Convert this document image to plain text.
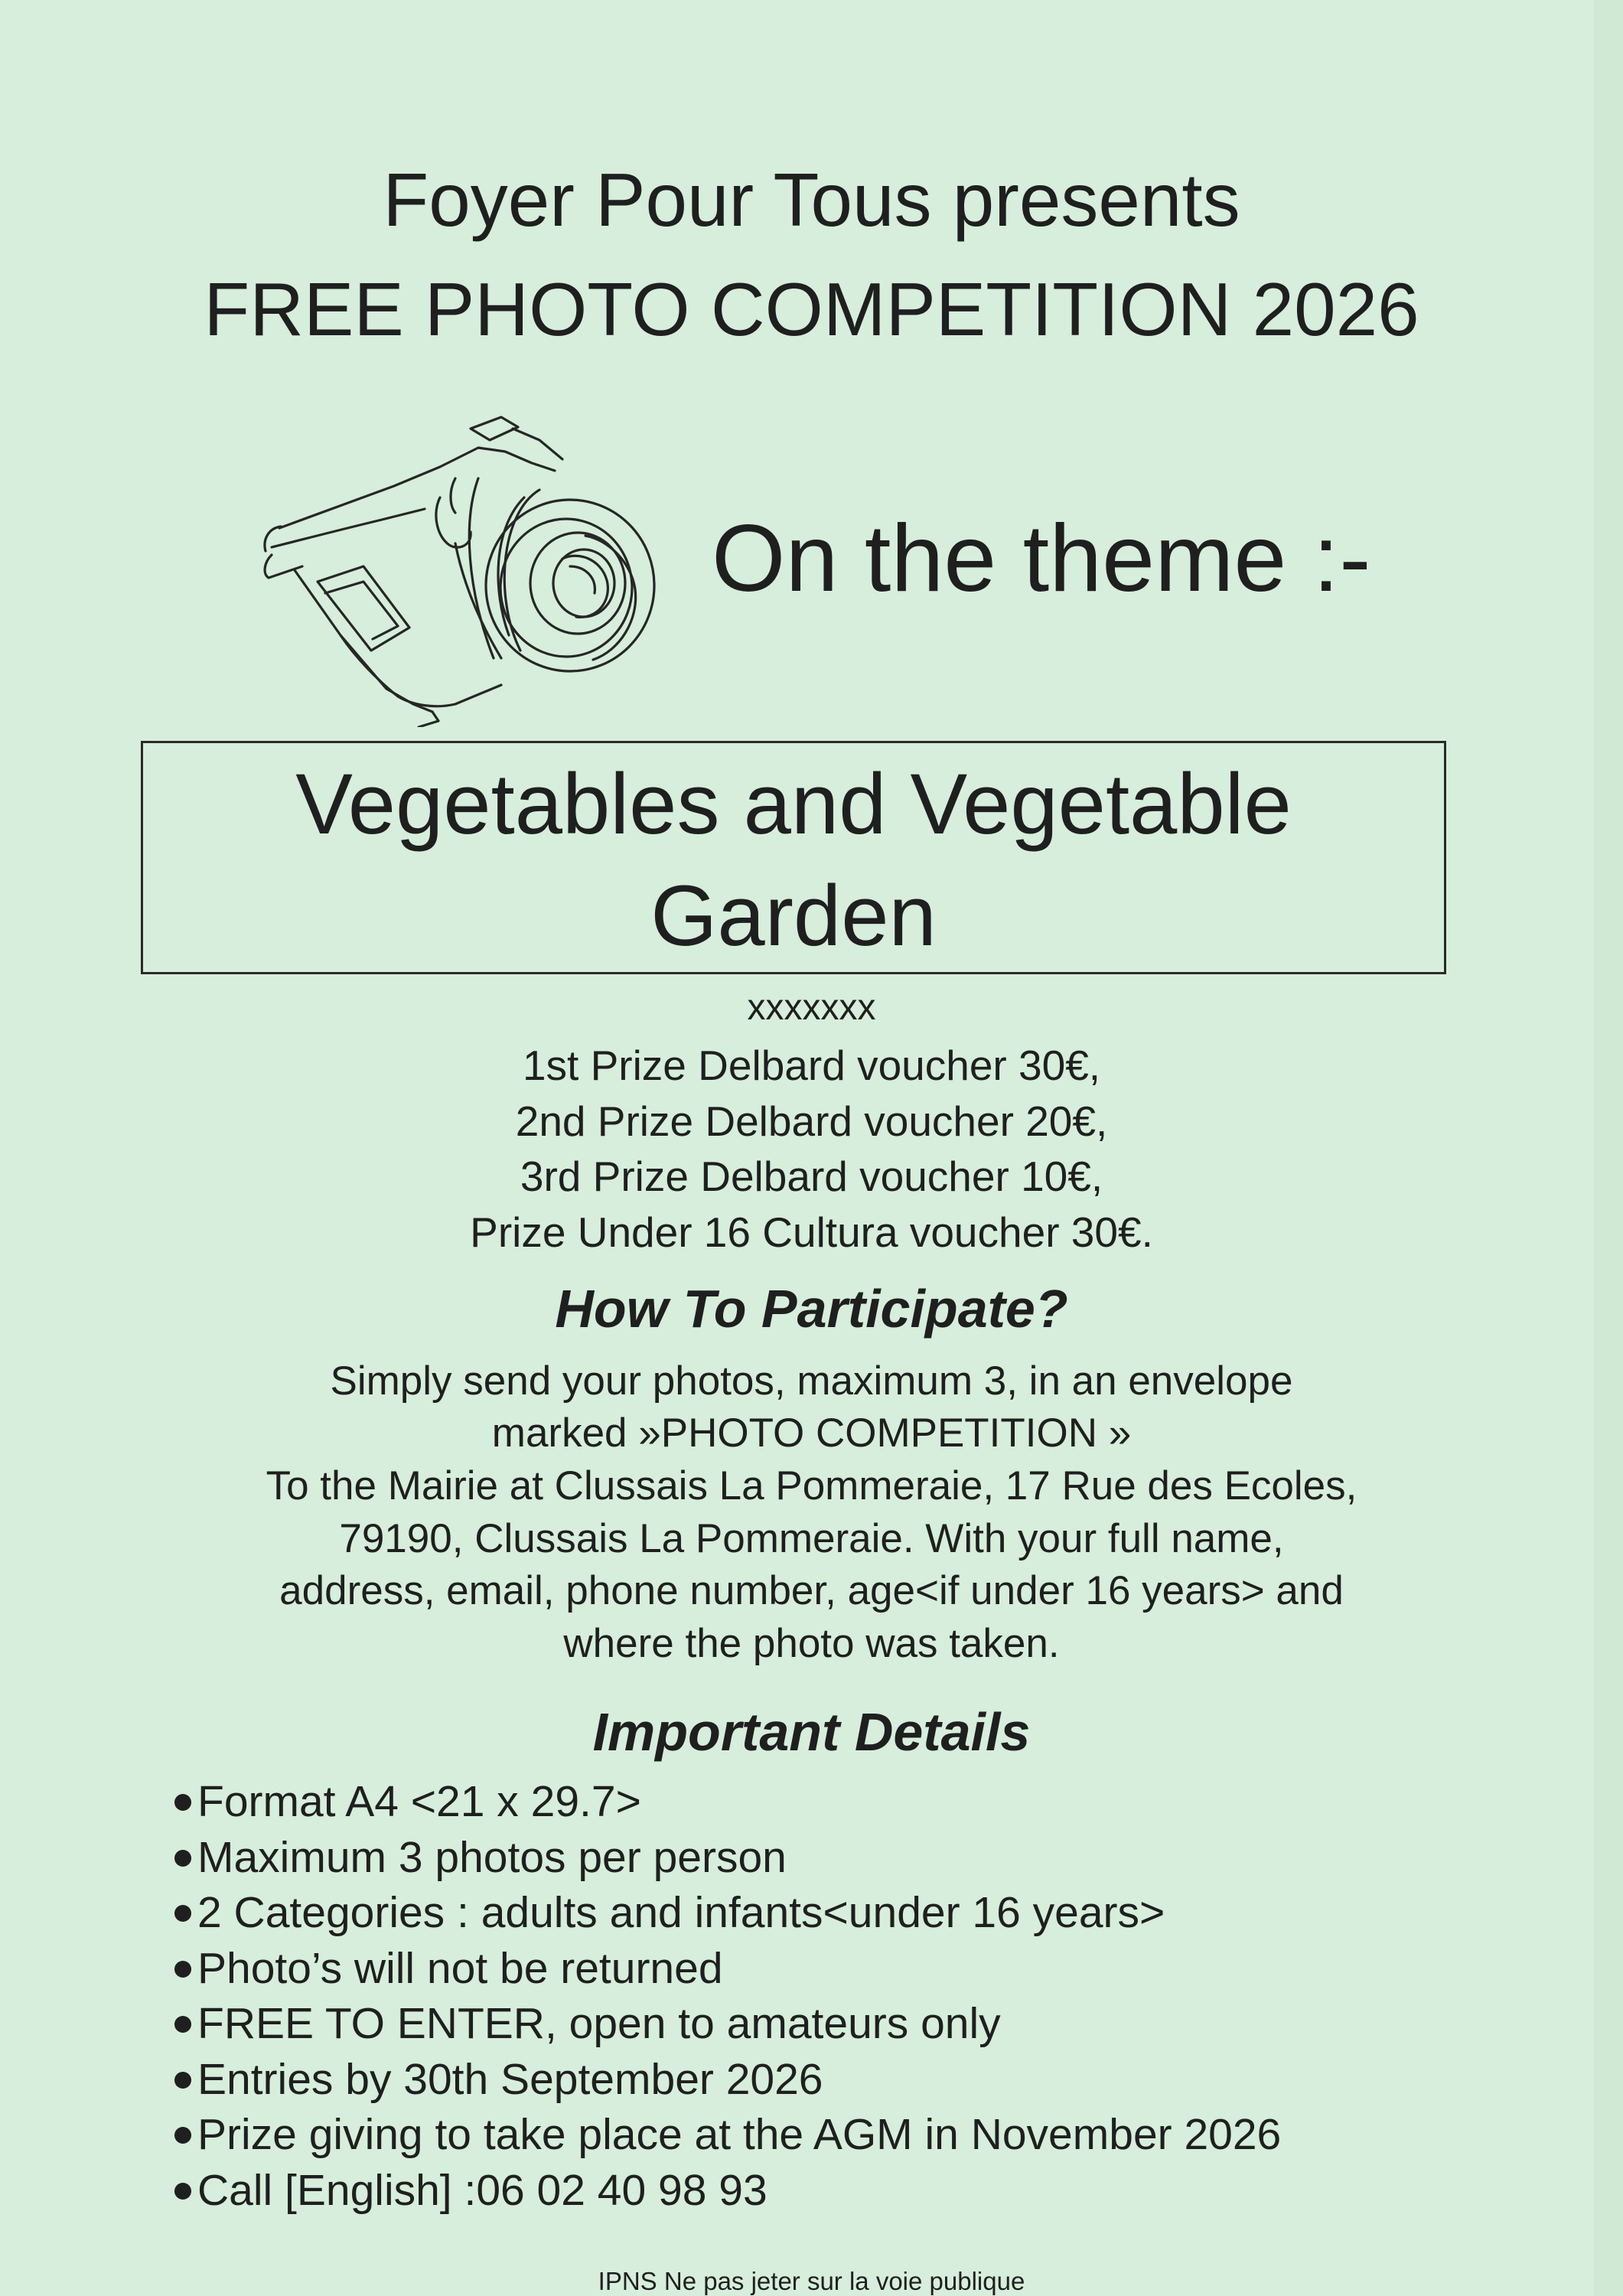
Foyer Pour Tous presents
FREE PHOTO COMPETITION 2026
On the theme :-
Vegetables and Vegetable
Garden
xxxxxxx
1st Prize Delbard voucher 30€,
2nd Prize Delbard voucher 20€,
3rd Prize Delbard voucher 10€,
Prize Under 16 Cultura voucher 30€.
How To Participate?
Simply send your photos, maximum 3, in an envelope
marked »PHOTO COMPETITION »
To the Mairie at Clussais La Pommeraie, 17 Rue des Ecoles,
79190, Clussais La Pommeraie. With your full name,
address, email, phone number, age<if under 16 years> and
where the photo was taken.
Important Details
Format A4 <21 x 29.7>
Maximum 3 photos per person
2 Categories : adults and infants<under 16 years>
Photo’s will not be returned
FREE TO ENTER, open to amateurs only
Entries by 30th September 2026
Prize giving to take place at the AGM in November 2026
Call [English] :06 02 40 98 93
IPNS Ne pas jeter sur la voie publique
